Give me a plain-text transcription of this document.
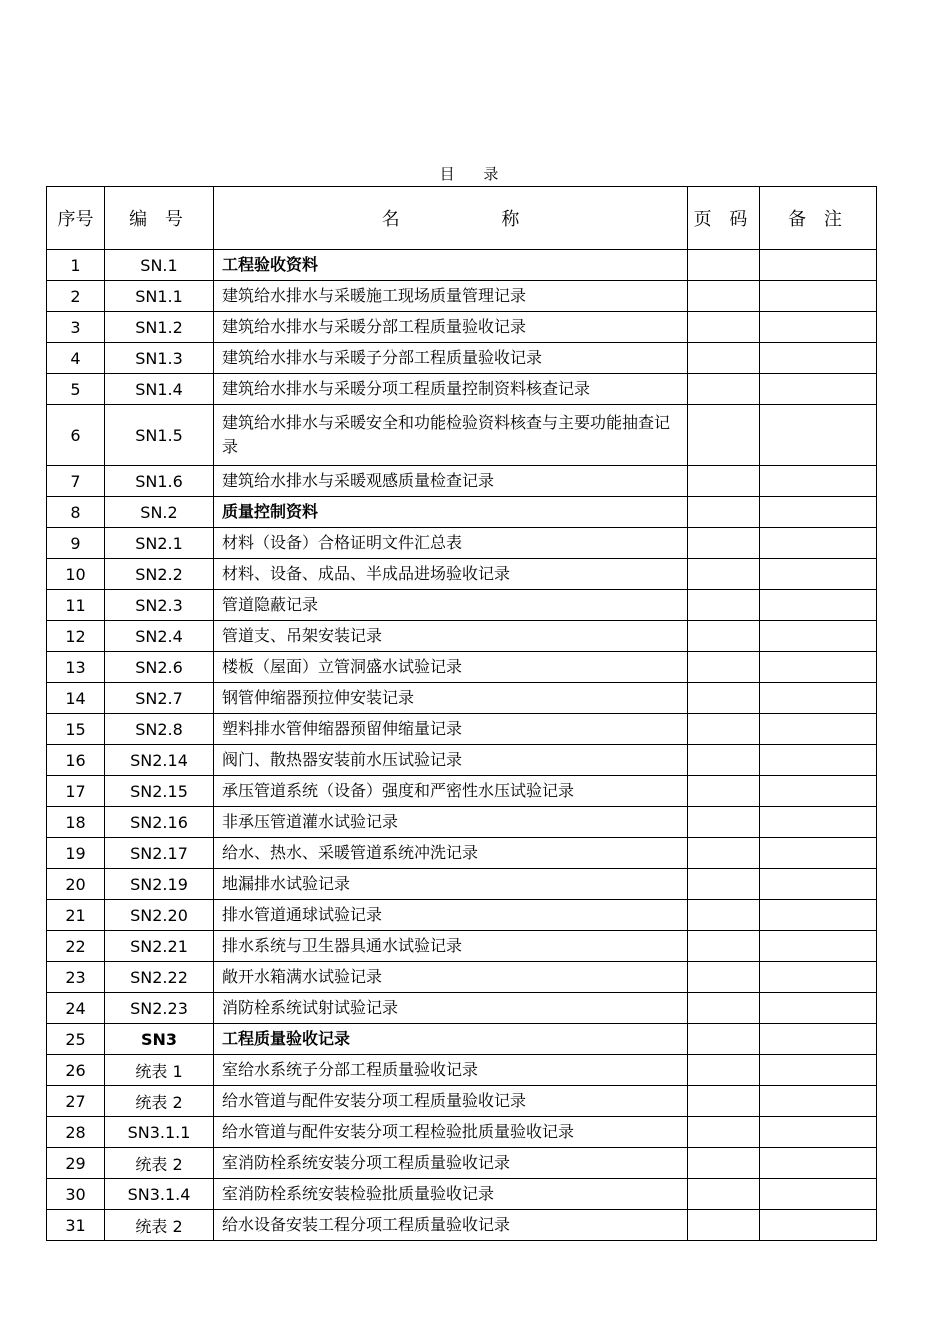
目 录
序号	编 号	名 称	页 码	备 注
1	SN.1	工程验收资料		
2	SN1.1	建筑给水排水与采暖施工现场质量管理记录		
3	SN1.2	建筑给水排水与采暖分部工程质量验收记录		
4	SN1.3	建筑给水排水与采暖子分部工程质量验收记录		
5	SN1.4	建筑给水排水与采暖分项工程质量控制资料核查记录		
6	SN1.5	建筑给水排水与采暖安全和功能检验资料核查与主要功能抽查记录		
7	SN1.6	建筑给水排水与采暖观感质量检查记录		
8	SN.2	质量控制资料		
9	SN2.1	材料（设备）合格证明文件汇总表		
10	SN2.2	材料、设备、成品、半成品进场验收记录		
11	SN2.3	管道隐蔽记录		
12	SN2.4	管道支、吊架安装记录		
13	SN2.6	楼板（屋面）立管洞盛水试验记录		
14	SN2.7	钢管伸缩器预拉伸安装记录		
15	SN2.8	塑料排水管伸缩器预留伸缩量记录		
16	SN2.14	阀门、散热器安装前水压试验记录		
17	SN2.15	承压管道系统（设备）强度和严密性水压试验记录		
18	SN2.16	非承压管道灌水试验记录		
19	SN2.17	给水、热水、采暖管道系统冲洗记录		
20	SN2.19	地漏排水试验记录		
21	SN2.20	排水管道通球试验记录		
22	SN2.21	排水系统与卫生器具通水试验记录		
23	SN2.22	敞开水箱满水试验记录		
24	SN2.23	消防栓系统试射试验记录		
25	SN3	工程质量验收记录		
26	统表 1	室给水系统子分部工程质量验收记录		
27	统表 2	给水管道与配件安装分项工程质量验收记录		
28	SN3.1.1	给水管道与配件安装分项工程检验批质量验收记录		
29	统表 2	室消防栓系统安装分项工程质量验收记录		
30	SN3.1.4	室消防栓系统安装检验批质量验收记录		
31	统表 2	给水设备安装工程分项工程质量验收记录		
